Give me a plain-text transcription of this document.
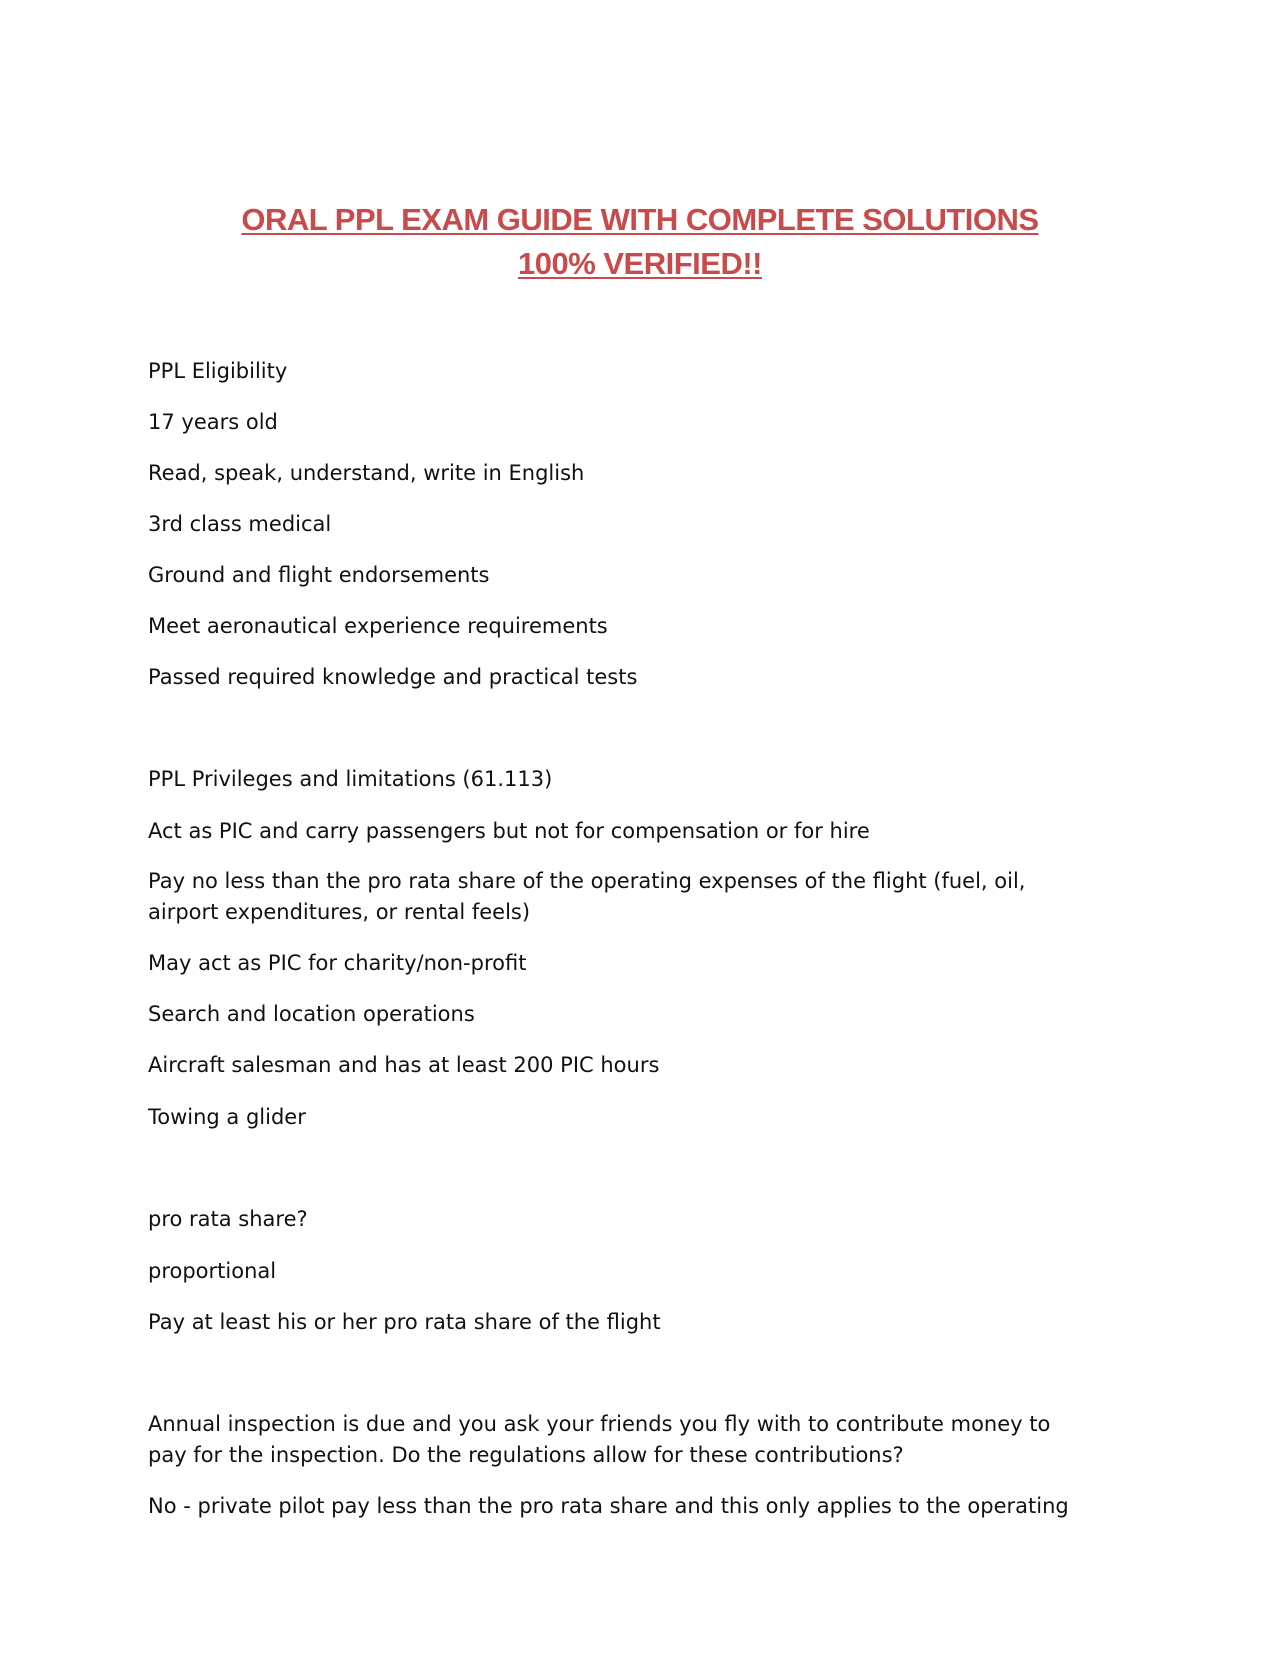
ORAL PPL EXAM GUIDE WITH COMPLETE SOLUTIONS
100% VERIFIED!!

PPL Eligibility

17 years old

Read, speak, understand, write in English

3rd class medical

Ground and flight endorsements

Meet aeronautical experience requirements

Passed required knowledge and practical tests

PPL Privileges and limitations (61.113)

Act as PIC and carry passengers but not for compensation or for hire

Pay no less than the pro rata share of the operating expenses of the flight (fuel, oil,

airport expenditures, or rental feels)

May act as PIC for charity/non-profit

Search and location operations

Aircraft salesman and has at least 200 PIC hours

Towing a glider

pro rata share?

proportional

Pay at least his or her pro rata share of the flight

Annual inspection is due and you ask your friends you fly with to contribute money to

pay for the inspection. Do the regulations allow for these contributions?

No - private pilot pay less than the pro rata share and this only applies to the operating
